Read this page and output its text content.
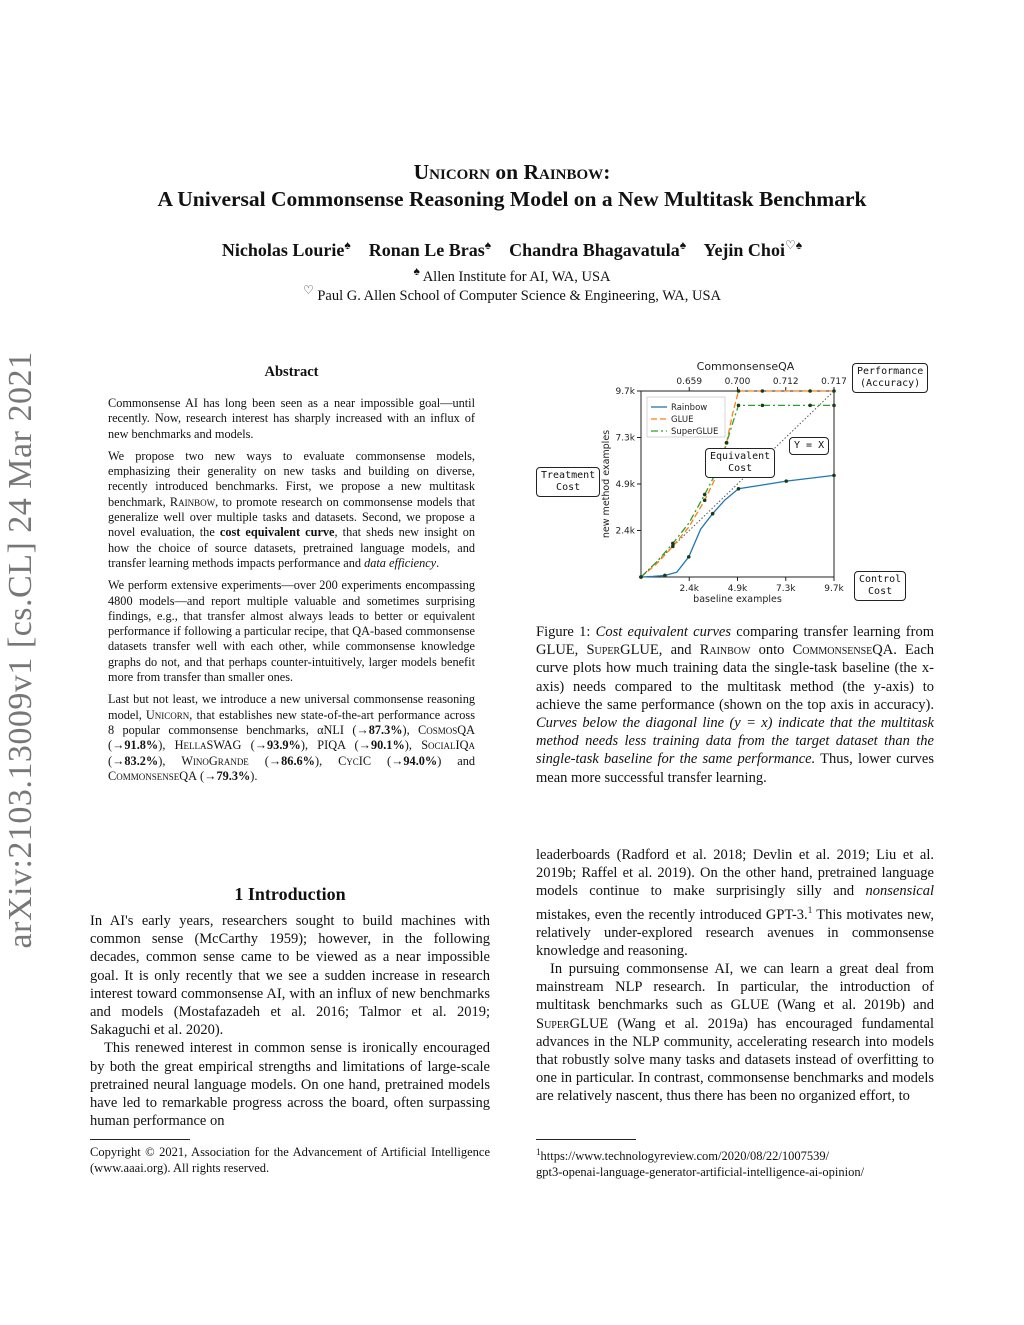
arXiv:2103.13009v1 [cs.CL] 24 Mar 2021
Unicorn on Rainbow:
A Universal Commonsense Reasoning Model on a New Multitask Benchmark
Nicholas Lourie♠ Ronan Le Bras♠ Chandra Bhagavatula♠ Yejin Choi♡♠
♠ Allen Institute for AI, WA, USA
♡ Paul G. Allen School of Computer Science & Engineering, WA, USA
Abstract

Commonsense AI has long been seen as a near impossible goal—until recently. Now, research interest has sharply increased with an influx of new benchmarks and models.

We propose two new ways to evaluate commonsense models, emphasizing their generality on new tasks and building on diverse, recently introduced benchmarks. First, we propose a new multitask benchmark, Rainbow, to promote research on commonsense models that generalize well over multiple tasks and datasets. Second, we propose a novel evaluation, the cost equivalent curve, that sheds new insight on how the choice of source datasets, pretrained language models, and transfer learning methods impacts performance and data efficiency.

We perform extensive experiments—over 200 experiments encompassing 4800 models—and report multiple valuable and sometimes surprising findings, e.g., that transfer almost always leads to better or equivalent performance if following a particular recipe, that QA-based commonsense datasets transfer well with each other, while commonsense knowledge graphs do not, and that perhaps counter-intuitively, larger models benefit more from transfer than smaller ones.

Last but not least, we introduce a new universal commonsense reasoning model, Unicorn, that establishes new state-of-the-art performance across 8 popular commonsense benchmarks, αNLI (→87.3%), CosmosQA (→91.8%), HellaSWAG (→93.9%), PIQA (→90.1%), SocialIQa (→83.2%), WinoGrande (→86.6%), CycIC (→94.0%) and CommonsenseQA (→79.3%).

1 Introduction

In AI's early years, researchers sought to build machines with common sense (McCarthy 1959); however, in the following decades, common sense came to be viewed as a near impossible goal. It is only recently that we see a sudden increase in research interest toward commonsense AI, with an influx of new benchmarks and models (Mostafazadeh et al. 2016; Talmor et al. 2019; Sakaguchi et al. 2020).

This renewed interest in common sense is ironically encouraged by both the great empirical strengths and limitations of large-scale pretrained neural language models. On one hand, pretrained models have led to remarkable progress across the board, often surpassing human performance on

Copyright © 2021, Association for the Advancement of Artificial Intelligence (www.aaai.org). All rights reserved.
CommonsenseQA
2.4k
2.4k
0.659
4.9k
4.9k
0.700
7.3k
7.3k
0.712
9.7k
9.7k
0.717
baseline examples
new method examples
Rainbow
GLUE
SuperGLUE
Performance
(Accuracy)
Treatment
Cost
Equivalent
Cost
Y = X
Control
Cost
Figure 1: Cost equivalent curves comparing transfer learning from GLUE, SuperGLUE, and Rainbow onto CommonsenseQA. Each curve plots how much training data the single-task baseline (the x-axis) needs compared to the multitask method (the y-axis) to achieve the same performance (shown on the top axis in accuracy). Curves below the diagonal line (y = x) indicate that the multitask method needs less training data from the target dataset than the single-task baseline for the same performance. Thus, lower curves mean more successful transfer learning.

leaderboards (Radford et al. 2018; Devlin et al. 2019; Liu et al. 2019b; Raffel et al. 2019). On the other hand, pretrained language models continue to make surprisingly silly and nonsensical mistakes, even the recently introduced GPT-3.$^1$ This motivates new, relatively under-explored research avenues in commonsense knowledge and reasoning.

In pursuing commonsense AI, we can learn a great deal from mainstream NLP research. In particular, the introduction of multitask benchmarks such as GLUE (Wang et al. 2019b) and SuperGLUE (Wang et al. 2019a) has encouraged fundamental advances in the NLP community, accelerating research into models that robustly solve many tasks and datasets instead of overfitting to one in particular. In contrast, commonsense benchmarks and models are relatively nascent, thus there has been no organized effort, to

$^1$https://www.technologyreview.com/2020/08/22/1007539/
gpt3-openai-language-generator-artificial-intelligence-ai-opinion/
